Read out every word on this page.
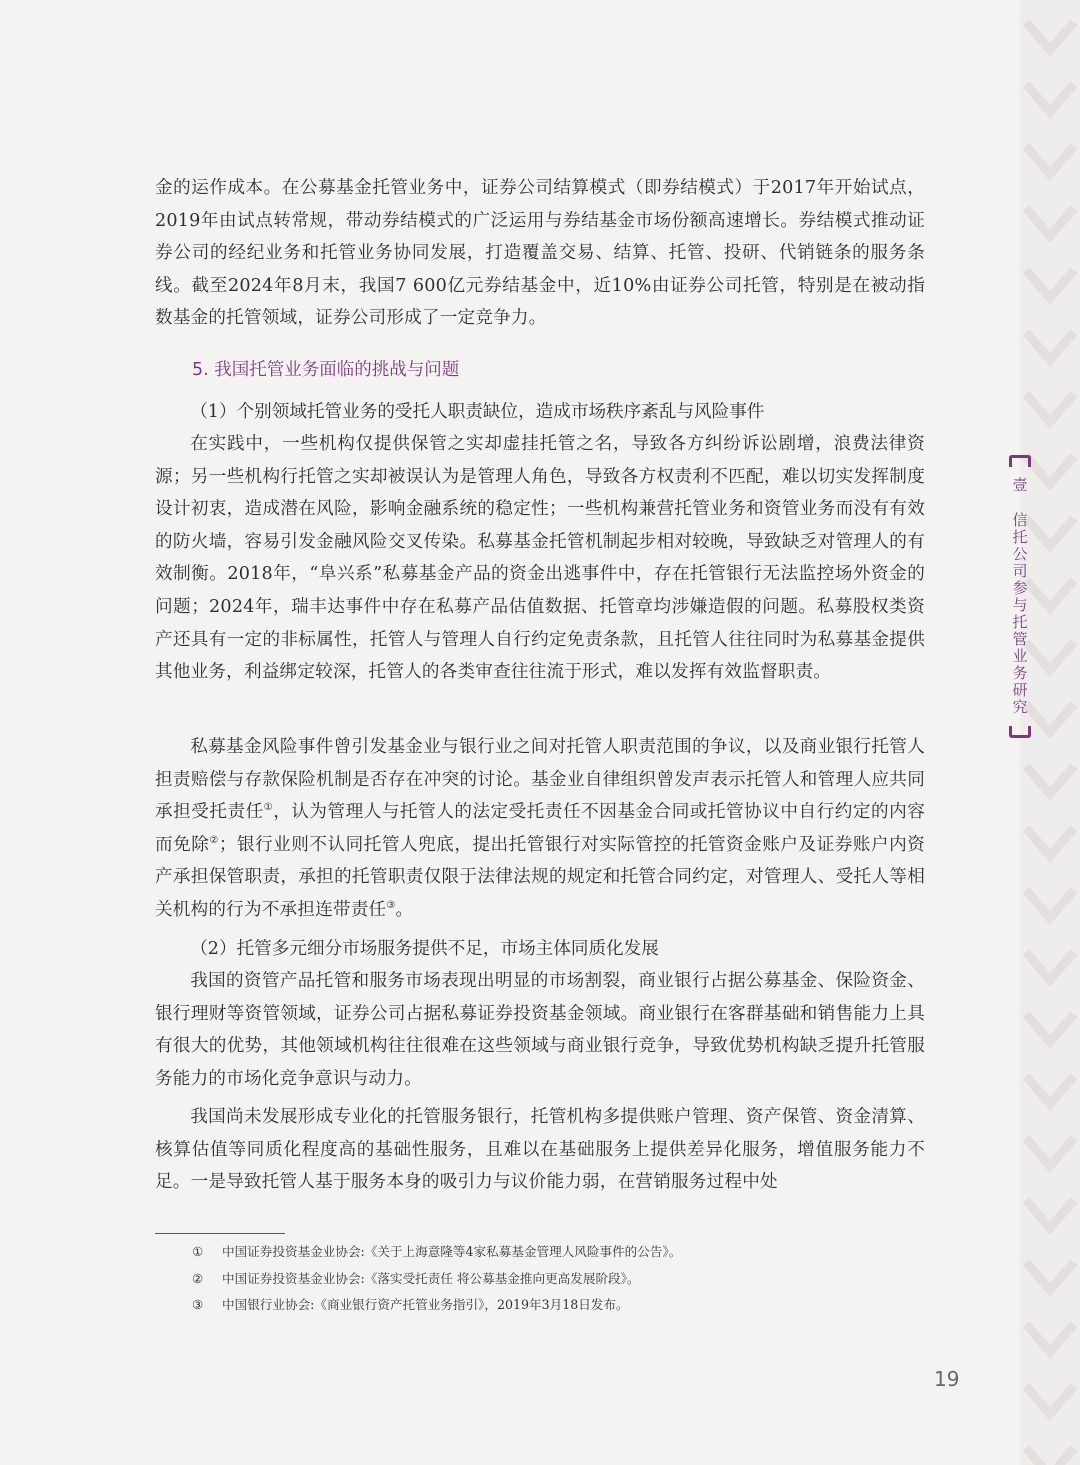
金的运作成本。在公募基金托管业务中，证券公司结算模式（即券结模式）于2017年开始试点，2019年由试点转常规，带动券结模式的广泛运用与券结基金市场份额高速增长。券结模式推动证券公司的经纪业务和托管业务协同发展，打造覆盖交易、结算、托管、投研、代销链条的服务条线。截至2024年8月末，我国7 600亿元券结基金中，近10%由证券公司托管，特别是在被动指数基金的托管领域，证券公司形成了一定竞争力。

5. 我国托管业务面临的挑战与问题

（1）个别领域托管业务的受托人职责缺位，造成市场秩序紊乱与风险事件

在实践中，一些机构仅提供保管之实却虚挂托管之名，导致各方纠纷诉讼剧增，浪费法律资源；另一些机构行托管之实却被误认为是管理人角色，导致各方权责利不匹配，难以切实发挥制度设计初衷，造成潜在风险，影响金融系统的稳定性；一些机构兼营托管业务和资管业务而没有有效的防火墙，容易引发金融风险交叉传染。私募基金托管机制起步相对较晚，导致缺乏对管理人的有效制衡。2018年，“阜兴系”私募基金产品的资金出逃事件中，存在托管银行无法监控场外资金的问题；2024年，瑞丰达事件中存在私募产品估值数据、托管章均涉嫌造假的问题。私募股权类资产还具有一定的非标属性，托管人与管理人自行约定免责条款，且托管人往往同时为私募基金提供其他业务，利益绑定较深，托管人的各类审查往往流于形式，难以发挥有效监督职责。

私募基金风险事件曾引发基金业与银行业之间对托管人职责范围的争议，以及商业银行托管人担责赔偿与存款保险机制是否存在冲突的讨论。基金业自律组织曾发声表示托管人和管理人应共同承担受托责任①，认为管理人与托管人的法定受托责任不因基金合同或托管协议中自行约定的内容而免除②；银行业则不认同托管人兜底，提出托管银行对实际管控的托管资金账户及证券账户内资产承担保管职责，承担的托管职责仅限于法律法规的规定和托管合同约定，对管理人、受托人等相关机构的行为不承担连带责任③。

（2）托管多元细分市场服务提供不足，市场主体同质化发展

我国的资管产品托管和服务市场表现出明显的市场割裂，商业银行占据公募基金、保险资金、银行理财等资管领域，证券公司占据私募证券投资基金领域。商业银行在客群基础和销售能力上具有很大的优势，其他领域机构往往很难在这些领域与商业银行竞争，导致优势机构缺乏提升托管服务能力的市场化竞争意识与动力。

我国尚未发展形成专业化的托管服务银行，托管机构多提供账户管理、资产保管、资金清算、核算估值等同质化程度高的基础性服务，且难以在基础服务上提供差异化服务，增值服务能力不足。一是导致托管人基于服务本身的吸引力与议价能力弱，在营销服务过程中处

① 中国证券投资基金业协会:《关于上海意隆等4家私募基金管理人风险事件的公告》。
② 中国证券投资基金业协会:《落实受托责任 将公募基金推向更高发展阶段》。
③ 中国银行业协会:《商业银行资产托管业务指引》，2019年3月18日发布。
壹
信托公司参与托管业务研究
19
